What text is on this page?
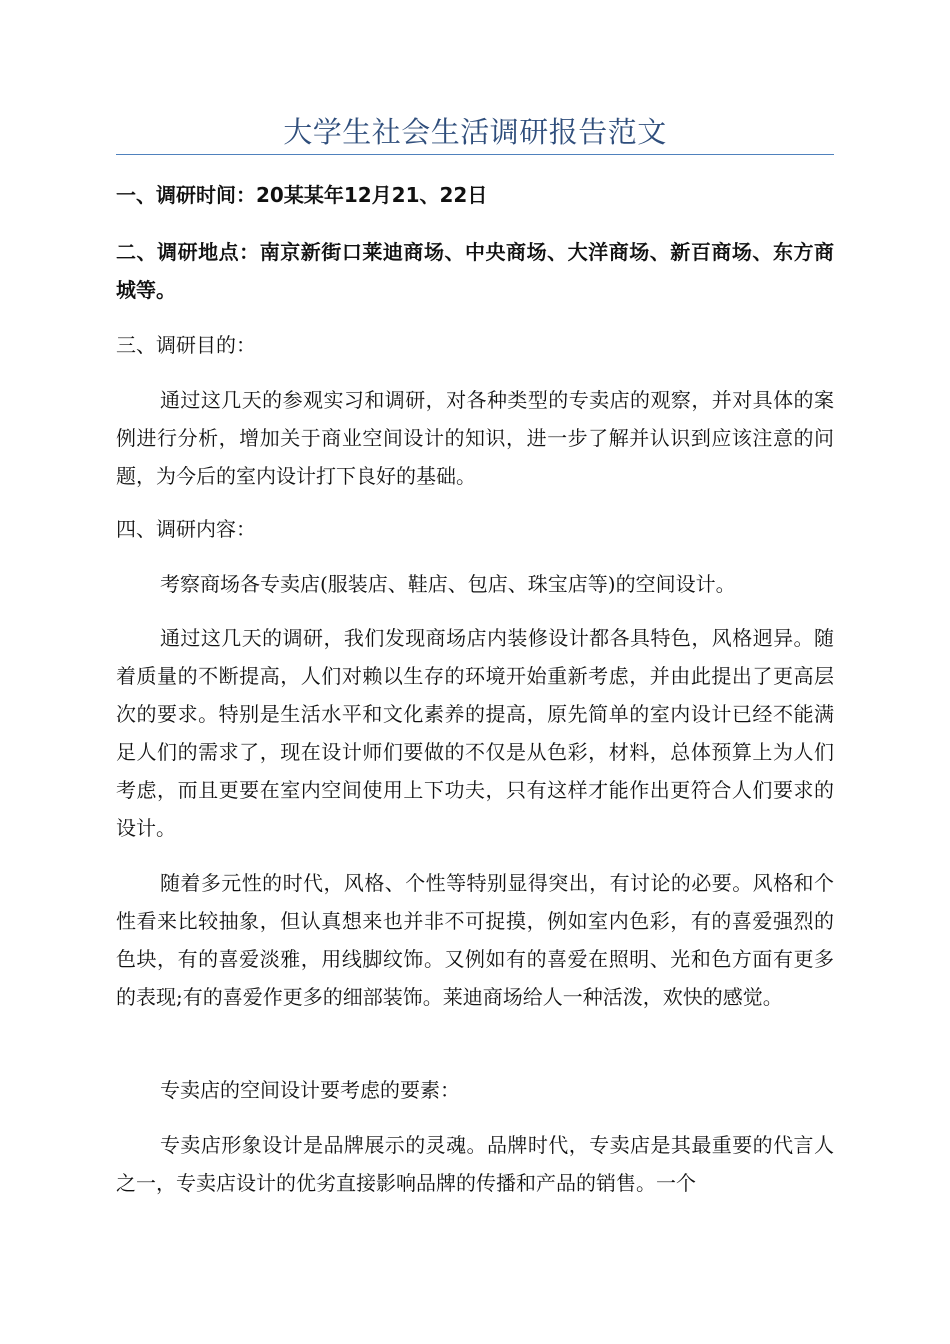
大学生社会生活调研报告范文

一、调研时间：20某某年12月21、22日

二、调研地点：南京新街口莱迪商场、中央商场、大洋商场、新百商场、东方商城等。

三、调研目的：

通过这几天的参观实习和调研，对各种类型的专卖店的观察，并对具体的案例进行分析，增加关于商业空间设计的知识，进一步了解并认识到应该注意的问题，为今后的室内设计打下良好的基础。

四、调研内容：

考察商场各专卖店(服装店、鞋店、包店、珠宝店等)的空间设计。

通过这几天的调研，我们发现商场店内装修设计都各具特色，风格迥异。随着质量的不断提高，人们对赖以生存的环境开始重新考虑，并由此提出了更高层次的要求。特别是生活水平和文化素养的提高，原先简单的室内设计已经不能满足人们的需求了，现在设计师们要做的不仅是从色彩，材料，总体预算上为人们考虑，而且更要在室内空间使用上下功夫，只有这样才能作出更符合人们要求的设计。

随着多元性的时代，风格、个性等特别显得突出，有讨论的必要。风格和个性看来比较抽象，但认真想来也并非不可捉摸，例如室内色彩，有的喜爱强烈的色块，有的喜爱淡雅，用线脚纹饰。又例如有的喜爱在照明、光和色方面有更多的表现;有的喜爱作更多的细部装饰。莱迪商场给人一种活泼，欢快的感觉。

专卖店的空间设计要考虑的要素：

专卖店形象设计是品牌展示的灵魂。品牌时代，专卖店是其最重要的代言人之一，专卖店设计的优劣直接影响品牌的传播和产品的销售。一个
